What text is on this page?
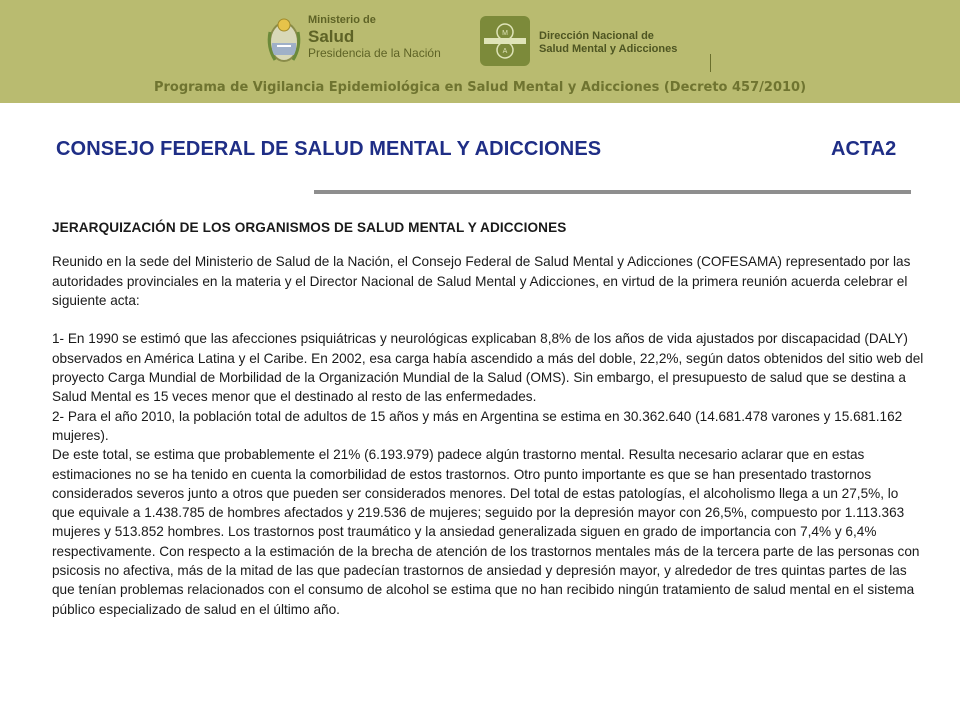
Ministerio de
Salud
Presidencia de la Nación
M
A
Dirección Nacional de
Salud Mental y Adicciones
Programa de Vigilancia Epidemiológica en Salud Mental y Adicciones (Decreto 457/2010)
CONSEJO FEDERAL DE SALUD MENTAL Y ADICCIONES	ACTA2
JERARQUIZACIÓN DE LOS ORGANISMOS DE SALUD MENTAL Y ADICCIONES

Reunido en la sede del Ministerio de Salud de la Nación, el Consejo Federal de Salud Mental y Adicciones (COFESAMA) representado por las autoridades provinciales en la materia y el Director Nacional de Salud Mental y Adicciones, en virtud de la primera reunión acuerda celebrar el siguiente acta:

1- En 1990 se estimó que las afecciones psiquiátricas y neurológicas explicaban 8,8% de los años de vida ajustados por discapacidad (DALY) observados en América Latina y el Caribe. En 2002, esa carga había ascendido a más del doble, 22,2%, según datos obtenidos del sitio web del proyecto Carga Mundial de Morbilidad de la Organización Mundial de la Salud (OMS). Sin embargo, el presupuesto de salud que se destina a Salud Mental es 15 veces menor que el destinado al resto de las enfermedades.

2- Para el año 2010, la población total de adultos de 15 años y más en Argentina se estima en 30.362.640 (14.681.478 varones y 15.681.162 mujeres).

De este total, se estima que probablemente el 21% (6.193.979) padece algún trastorno mental. Resulta necesario aclarar que en estas estimaciones no se ha tenido en cuenta la comorbilidad de estos trastornos. Otro punto importante es que se han presentado trastornos considerados severos junto a otros que pueden ser considerados menores. Del total de estas patologías, el alcoholismo llega a un 27,5%, lo que equivale a 1.438.785 de hombres afectados y 219.536 de mujeres; seguido por la depresión mayor con 26,5%, compuesto por 1.113.363 mujeres y 513.852 hombres. Los trastornos post traumático y la ansiedad generalizada siguen en grado de importancia con 7,4% y 6,4% respectivamente. Con respecto a la estimación de la brecha de atención de los trastornos mentales más de la tercera parte de las personas con psicosis no afectiva, más de la mitad de las que padecían trastornos de ansiedad y depresión mayor, y alrededor de tres quintas partes de las que tenían problemas relacionados con el consumo de alcohol se estima que no han recibido ningún tratamiento de salud mental en el sistema público especializado de salud en el último año.
